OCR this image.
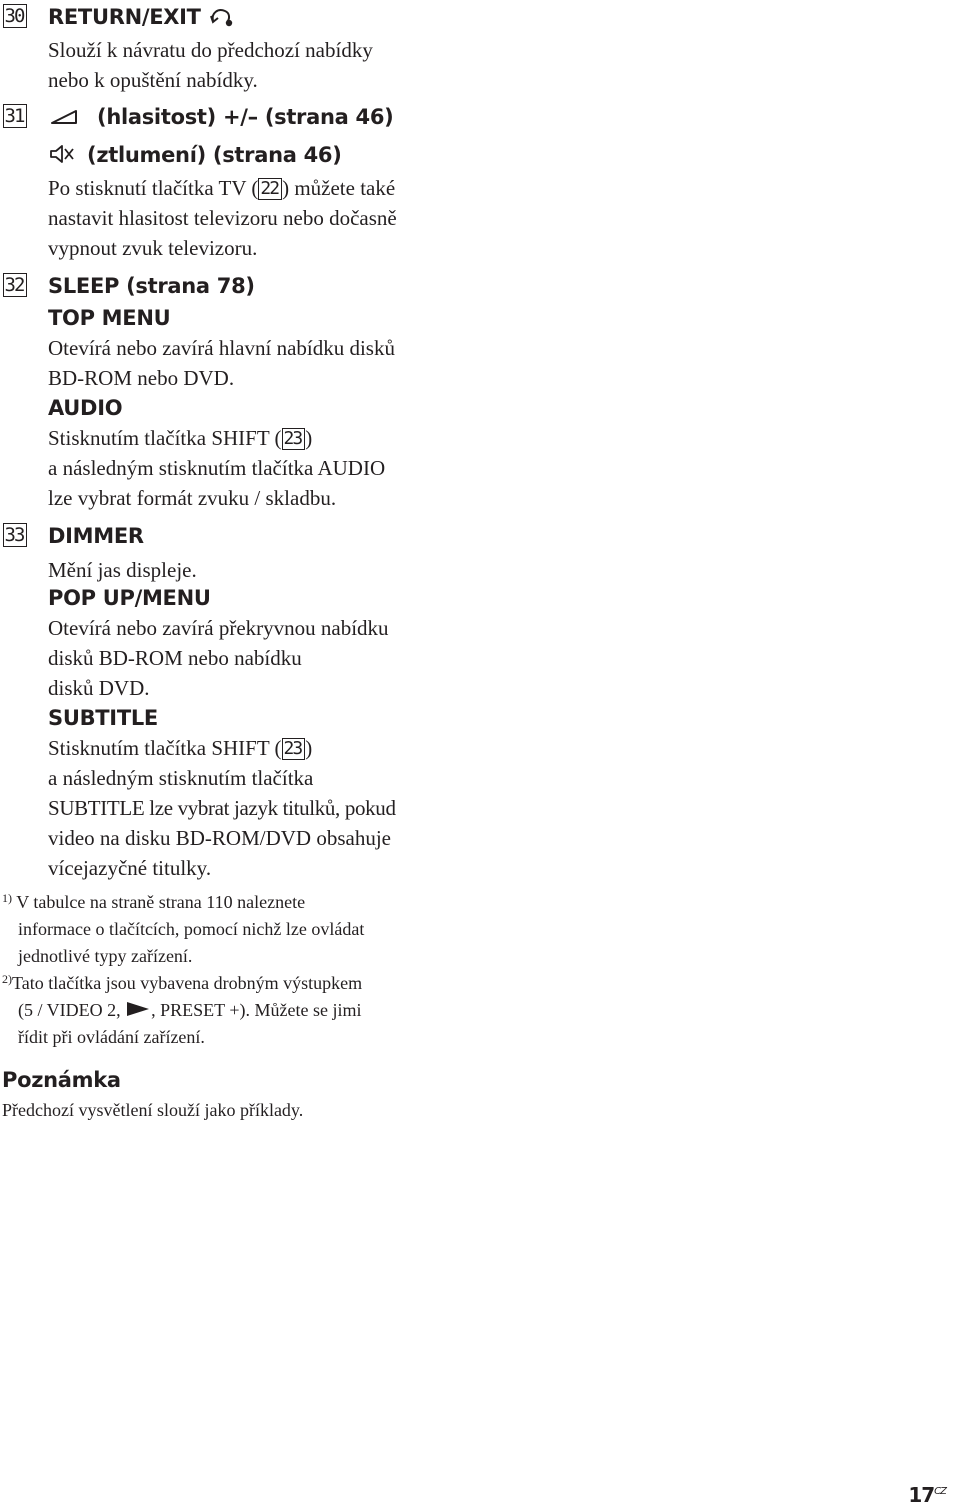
30 RETURN/EXIT
Slouží k návratu do předchozí nabídky
nebo k opuštění nabídky.
31	(hlasitost) +/– (strana 46)
(ztlumení) (strana 46)
Po stisknutí tlačítka TV ( 22 ) můžete také
nastavit hlasitost televizoru nebo dočasně
vypnout zvuk televizoru.
32 SLEEP (strana 78)
TOP MENU
Otevírá nebo zavírá hlavní nabídku disků
BD-ROM nebo DVD.
AUDIO
Stisknutím tlačítka SHIFT ( 23 )
a následným stisknutím tlačítka AUDIO
lze vybrat formát zvuku / skladbu.
33 DIMMER
Mění jas displeje.
POP UP/MENU
Otevírá nebo zavírá překryvnou nabídku
disků BD-ROM nebo nabídku
disků DVD.
SUBTITLE
Stisknutím tlačítka SHIFT ( 23 )
a následným stisknutím tlačítka
SUBTITLE lze vybrat jazyk titulků, pokud
video na disku BD-ROM/DVD obsahuje
vícejazyčné titulky.
$^{1)}$ V tabulce na straně strana 110 naleznete
informace o tlačítcích, pomocí nichž lze ovládat
jednotlivé typy zařízení.
$^{2)}$Tato tlačítka jsou vybavena drobným výstupkem
(5 / VIDEO 2, , PRESET +). Můžete se jimi
řídit při ovládání zařízení.
Poznámka
Předchozí vysvětlení slouží jako příklady.
$17^{CZ}$
